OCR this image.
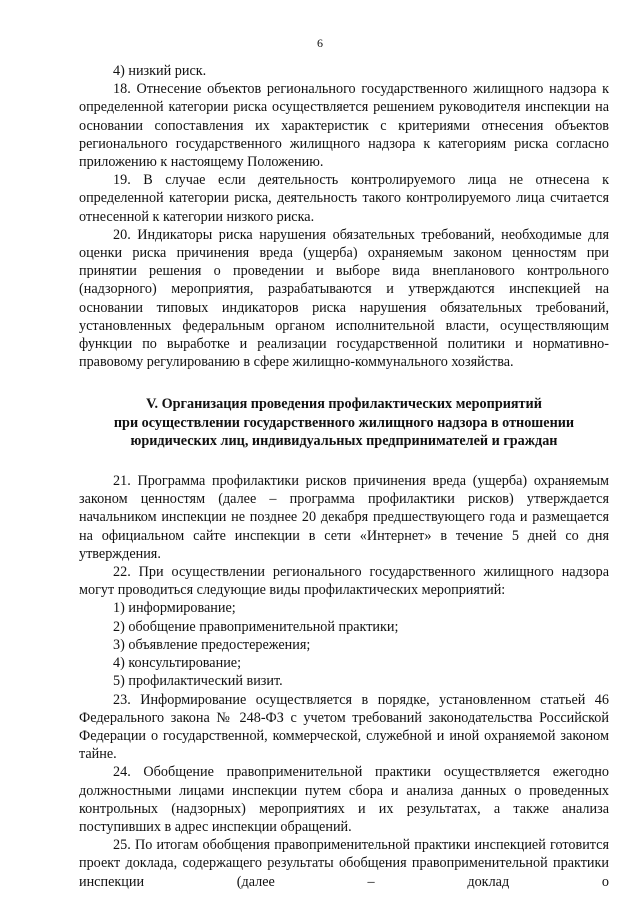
6

4) низкий риск.

18. Отнесение объектов регионального государственного жилищного надзора к определенной категории риска осуществляется решением руководителя инспекции на основании сопоставления их характеристик с критериями отнесения объектов регионального государственного жилищного надзора к категориям риска согласно приложению к настоящему Положению.

19. В случае если деятельность контролируемого лица не отнесена к определенной категории риска, деятельность такого контролируемого лица считается отнесенной к категории низкого риска.

20. Индикаторы риска нарушения обязательных требований, необходимые для оценки риска причинения вреда (ущерба) охраняемым законом ценностям при принятии решения о проведении и выборе вида внепланового контрольного (надзорного) мероприятия, разрабатываются и утверждаются инспекцией на основании типовых индикаторов риска нарушения обязательных требований, установленных федеральным органом исполнительной власти, осуществляющим функции по выработке и реализации государственной политики и нормативно-правовому регулированию в сфере жилищно-коммунального хозяйства.

V. Организация проведения профилактических мероприятий
при осуществлении государственного жилищного надзора в отношении
юридических лиц, индивидуальных предпринимателей и граждан

21. Программа профилактики рисков причинения вреда (ущерба) охраняемым законом ценностям (далее – программа профилактики рисков) утверждается начальником инспекции не позднее 20 декабря предшествующего года и размещается на официальном сайте инспекции в сети «Интернет» в течение 5 дней со дня утверждения.

22. При осуществлении регионального государственного жилищного надзора могут проводиться следующие виды профилактических мероприятий:

1) информирование;

2) обобщение правоприменительной практики;

3) объявление предостережения;

4) консультирование;

5) профилактический визит.

23. Информирование осуществляется в порядке, установленном статьей 46 Федерального закона № 248-ФЗ с учетом требований законодательства Российской Федерации о государственной, коммерческой, служебной и иной охраняемой законом тайне.

24. Обобщение правоприменительной практики осуществляется ежегодно должностными лицами инспекции путем сбора и анализа данных о проведенных контрольных (надзорных) мероприятиях и их результатах, а также анализа поступивших в адрес инспекции обращений.

25. По итогам обобщения правоприменительной практики инспекцией готовится проект доклада, содержащего результаты обобщения правоприменительной практики инспекции (далее – доклад о
